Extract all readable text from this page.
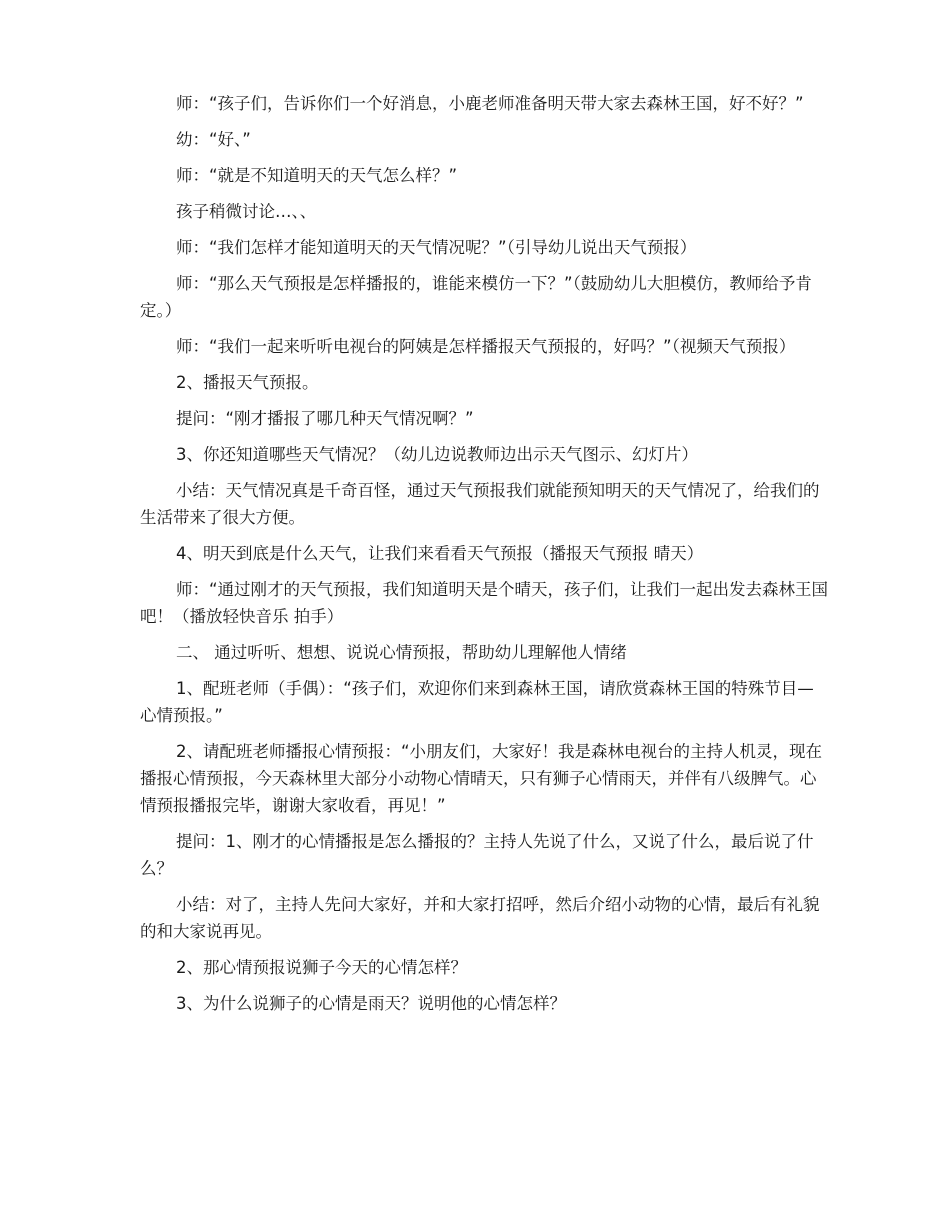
师：“孩子们，告诉你们一个好消息，小鹿老师准备明天带大家去森林王国，好不好？”

幼：“好、”

师：“就是不知道明天的天气怎么样？”

孩子稍微讨论…、、

师：“我们怎样才能知道明天的天气情况呢？”（引导幼儿说出天气预报）

师：“那么天气预报是怎样播报的，谁能来模仿一下？”（鼓励幼儿大胆模仿，教师给予肯定。）

师：“我们一起来听听电视台的阿姨是怎样播报天气预报的，好吗？”（视频天气预报）

2、播报天气预报。

提问：“刚才播报了哪几种天气情况啊？”

3、你还知道哪些天气情况？（幼儿边说教师边出示天气图示、幻灯片）

小结：天气情况真是千奇百怪，通过天气预报我们就能预知明天的天气情况了，给我们的生活带来了很大方便。

4、明天到底是什么天气，让我们来看看天气预报（播报天气预报 晴天）

师：“通过刚才的天气预报，我们知道明天是个晴天，孩子们，让我们一起出发去森林王国吧！（播放轻快音乐 拍手）

二、 通过听听、想想、说说心情预报，帮助幼儿理解他人情绪

1、配班老师（手偶）：“孩子们，欢迎你们来到森林王国，请欣赏森林王国的特殊节目—心情预报。”

2、请配班老师播报心情预报：“小朋友们，大家好！我是森林电视台的主持人机灵，现在播报心情预报，今天森林里大部分小动物心情晴天，只有狮子心情雨天，并伴有八级脾气。心情预报播报完毕，谢谢大家收看，再见！”

提问：1、刚才的心情播报是怎么播报的？主持人先说了什么，又说了什么，最后说了什么？

小结：对了，主持人先问大家好，并和大家打招呼，然后介绍小动物的心情，最后有礼貌的和大家说再见。

2、那心情预报说狮子今天的心情怎样？

3、为什么说狮子的心情是雨天？说明他的心情怎样？
